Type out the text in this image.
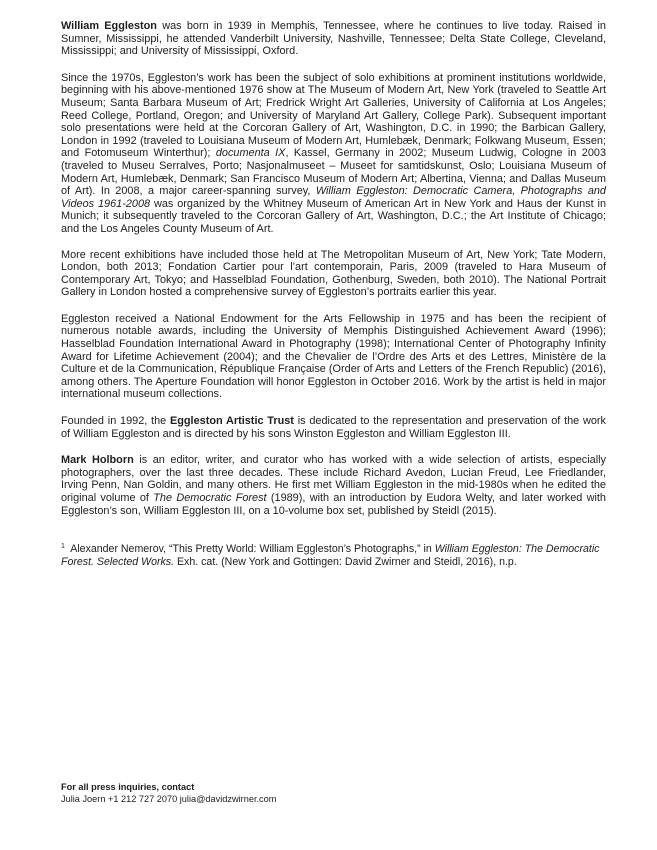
William Eggleston was born in 1939 in Memphis, Tennessee, where he continues to live today. Raised in Sumner, Mississippi, he attended Vanderbilt University, Nashville, Tennessee; Delta State College, Cleveland, Mississippi; and University of Mississippi, Oxford.

Since the 1970s, Eggleston’s work has been the subject of solo exhibitions at prominent institutions worldwide, beginning with his above-mentioned 1976 show at The Museum of Modern Art, New York (traveled to Seattle Art Museum; Santa Barbara Museum of Art; Fredrick Wright Art Galleries, University of California at Los Angeles; Reed College, Portland, Oregon; and University of Maryland Art Gallery, College Park). Subsequent important solo presentations were held at the Corcoran Gallery of Art, Washington, D.C. in 1990; the Barbican Gallery, London in 1992 (traveled to Louisiana Museum of Modern Art, Humlebæk, Denmark; Folkwang Museum, Essen; and Fotomuseum Winterthur); documenta IX, Kassel, Germany in 2002; Museum Ludwig, Cologne in 2003 (traveled to Museu Serralves, Porto; Nasjonalmuseet – Museet for samtidskunst, Oslo; Louisiana Museum of Modern Art, Humlebæk, Denmark; San Francisco Museum of Modern Art; Albertina, Vienna; and Dallas Museum of Art). In 2008, a major career-spanning survey, William Eggleston: Democratic Camera, Photographs and Videos 1961-2008 was organized by the Whitney Museum of American Art in New York and Haus der Kunst in Munich; it subsequently traveled to the Corcoran Gallery of Art, Washington, D.C.; the Art Institute of Chicago; and the Los Angeles County Museum of Art.

More recent exhibitions have included those held at The Metropolitan Museum of Art, New York; Tate Modern, London, both 2013; Fondation Cartier pour l’art contemporain, Paris, 2009 (traveled to Hara Museum of Contemporary Art, Tokyo; and Hasselblad Foundation, Gothenburg, Sweden, both 2010). The National Portrait Gallery in London hosted a comprehensive survey of Eggleston’s portraits earlier this year.

Eggleston received a National Endowment for the Arts Fellowship in 1975 and has been the recipient of numerous notable awards, including the University of Memphis Distinguished Achievement Award (1996); Hasselblad Foundation International Award in Photography (1998); International Center of Photography Infinity Award for Lifetime Achievement (2004); and the Chevalier de l’Ordre des Arts et des Lettres, Ministère de la Culture et de la Communication, République Française (Order of Arts and Letters of the French Republic) (2016), among others. The Aperture Foundation will honor Eggleston in October 2016. Work by the artist is held in major international museum collections.

Founded in 1992, the Eggleston Artistic Trust is dedicated to the representation and preservation of the work of William Eggleston and is directed by his sons Winston Eggleston and William Eggleston III.

Mark Holborn is an editor, writer, and curator who has worked with a wide selection of artists, especially photographers, over the last three decades. These include Richard Avedon, Lucian Freud, Lee Friedlander, Irving Penn, Nan Goldin, and many others. He first met William Eggleston in the mid-1980s when he edited the original volume of The Democratic Forest (1989), with an introduction by Eudora Welty, and later worked with Eggleston’s son, William Eggleston III, on a 10-volume box set, published by Steidl (2015).

$^1$ Alexander Nemerov, “This Pretty World: William Eggleston’s Photographs,” in William Eggleston: The Democratic Forest. Selected Works. Exh. cat. (New York and Gottingen: David Zwirner and Steidl, 2016), n.p.

For all press inquiries, contact
Julia Joern +1 212 727 2070 julia@davidzwirner.com
